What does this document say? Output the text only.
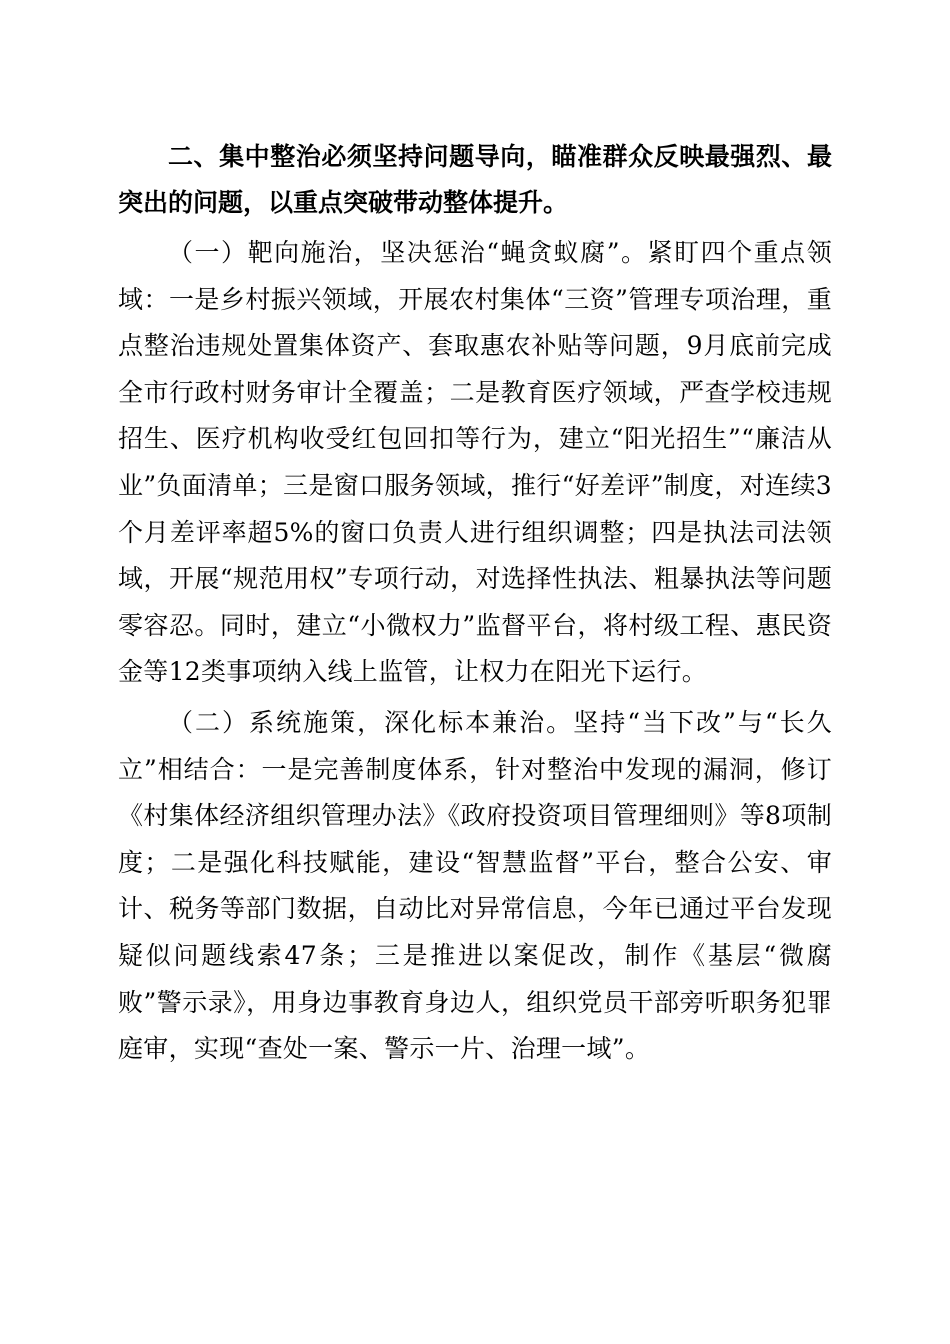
二、集中整治必须坚持问题导向，瞄准群众反映最强烈、最突出的问题，以重点突破带动整体提升。

（一）靶向施治，坚决惩治“蝇贪蚁腐”。紧盯四个重点领域：一是乡村振兴领域，开展农村集体“三资”管理专项治理，重点整治违规处置集体资产、套取惠农补贴等问题，9月底前完成全市行政村财务审计全覆盖；二是教育医疗领域，严查学校违规招生、医疗机构收受红包回扣等行为，建立“阳光招生”“廉洁从业”负面清单；三是窗口服务领域，推行“好差评”制度，对连续3个月差评率超5%的窗口负责人进行组织调整；四是执法司法领域，开展“规范用权”专项行动，对选择性执法、粗暴执法等问题零容忍。同时，建立“小微权力”监督平台，将村级工程、惠民资金等12类事项纳入线上监管，让权力在阳光下运行。

（二）系统施策，深化标本兼治。坚持“当下改”与“长久立”相结合：一是完善制度体系，针对整治中发现的漏洞，修订《村集体经济组织管理办法》《政府投资项目管理细则》等8项制度；二是强化科技赋能，建设“智慧监督”平台，整合公安、审计、税务等部门数据，自动比对异常信息，今年已通过平台发现疑似问题线索47条；三是推进以案促改，制作《基层“微腐败”警示录》，用身边事教育身边人，组织党员干部旁听职务犯罪庭审，实现“查处一案、警示一片、治理一域”。
